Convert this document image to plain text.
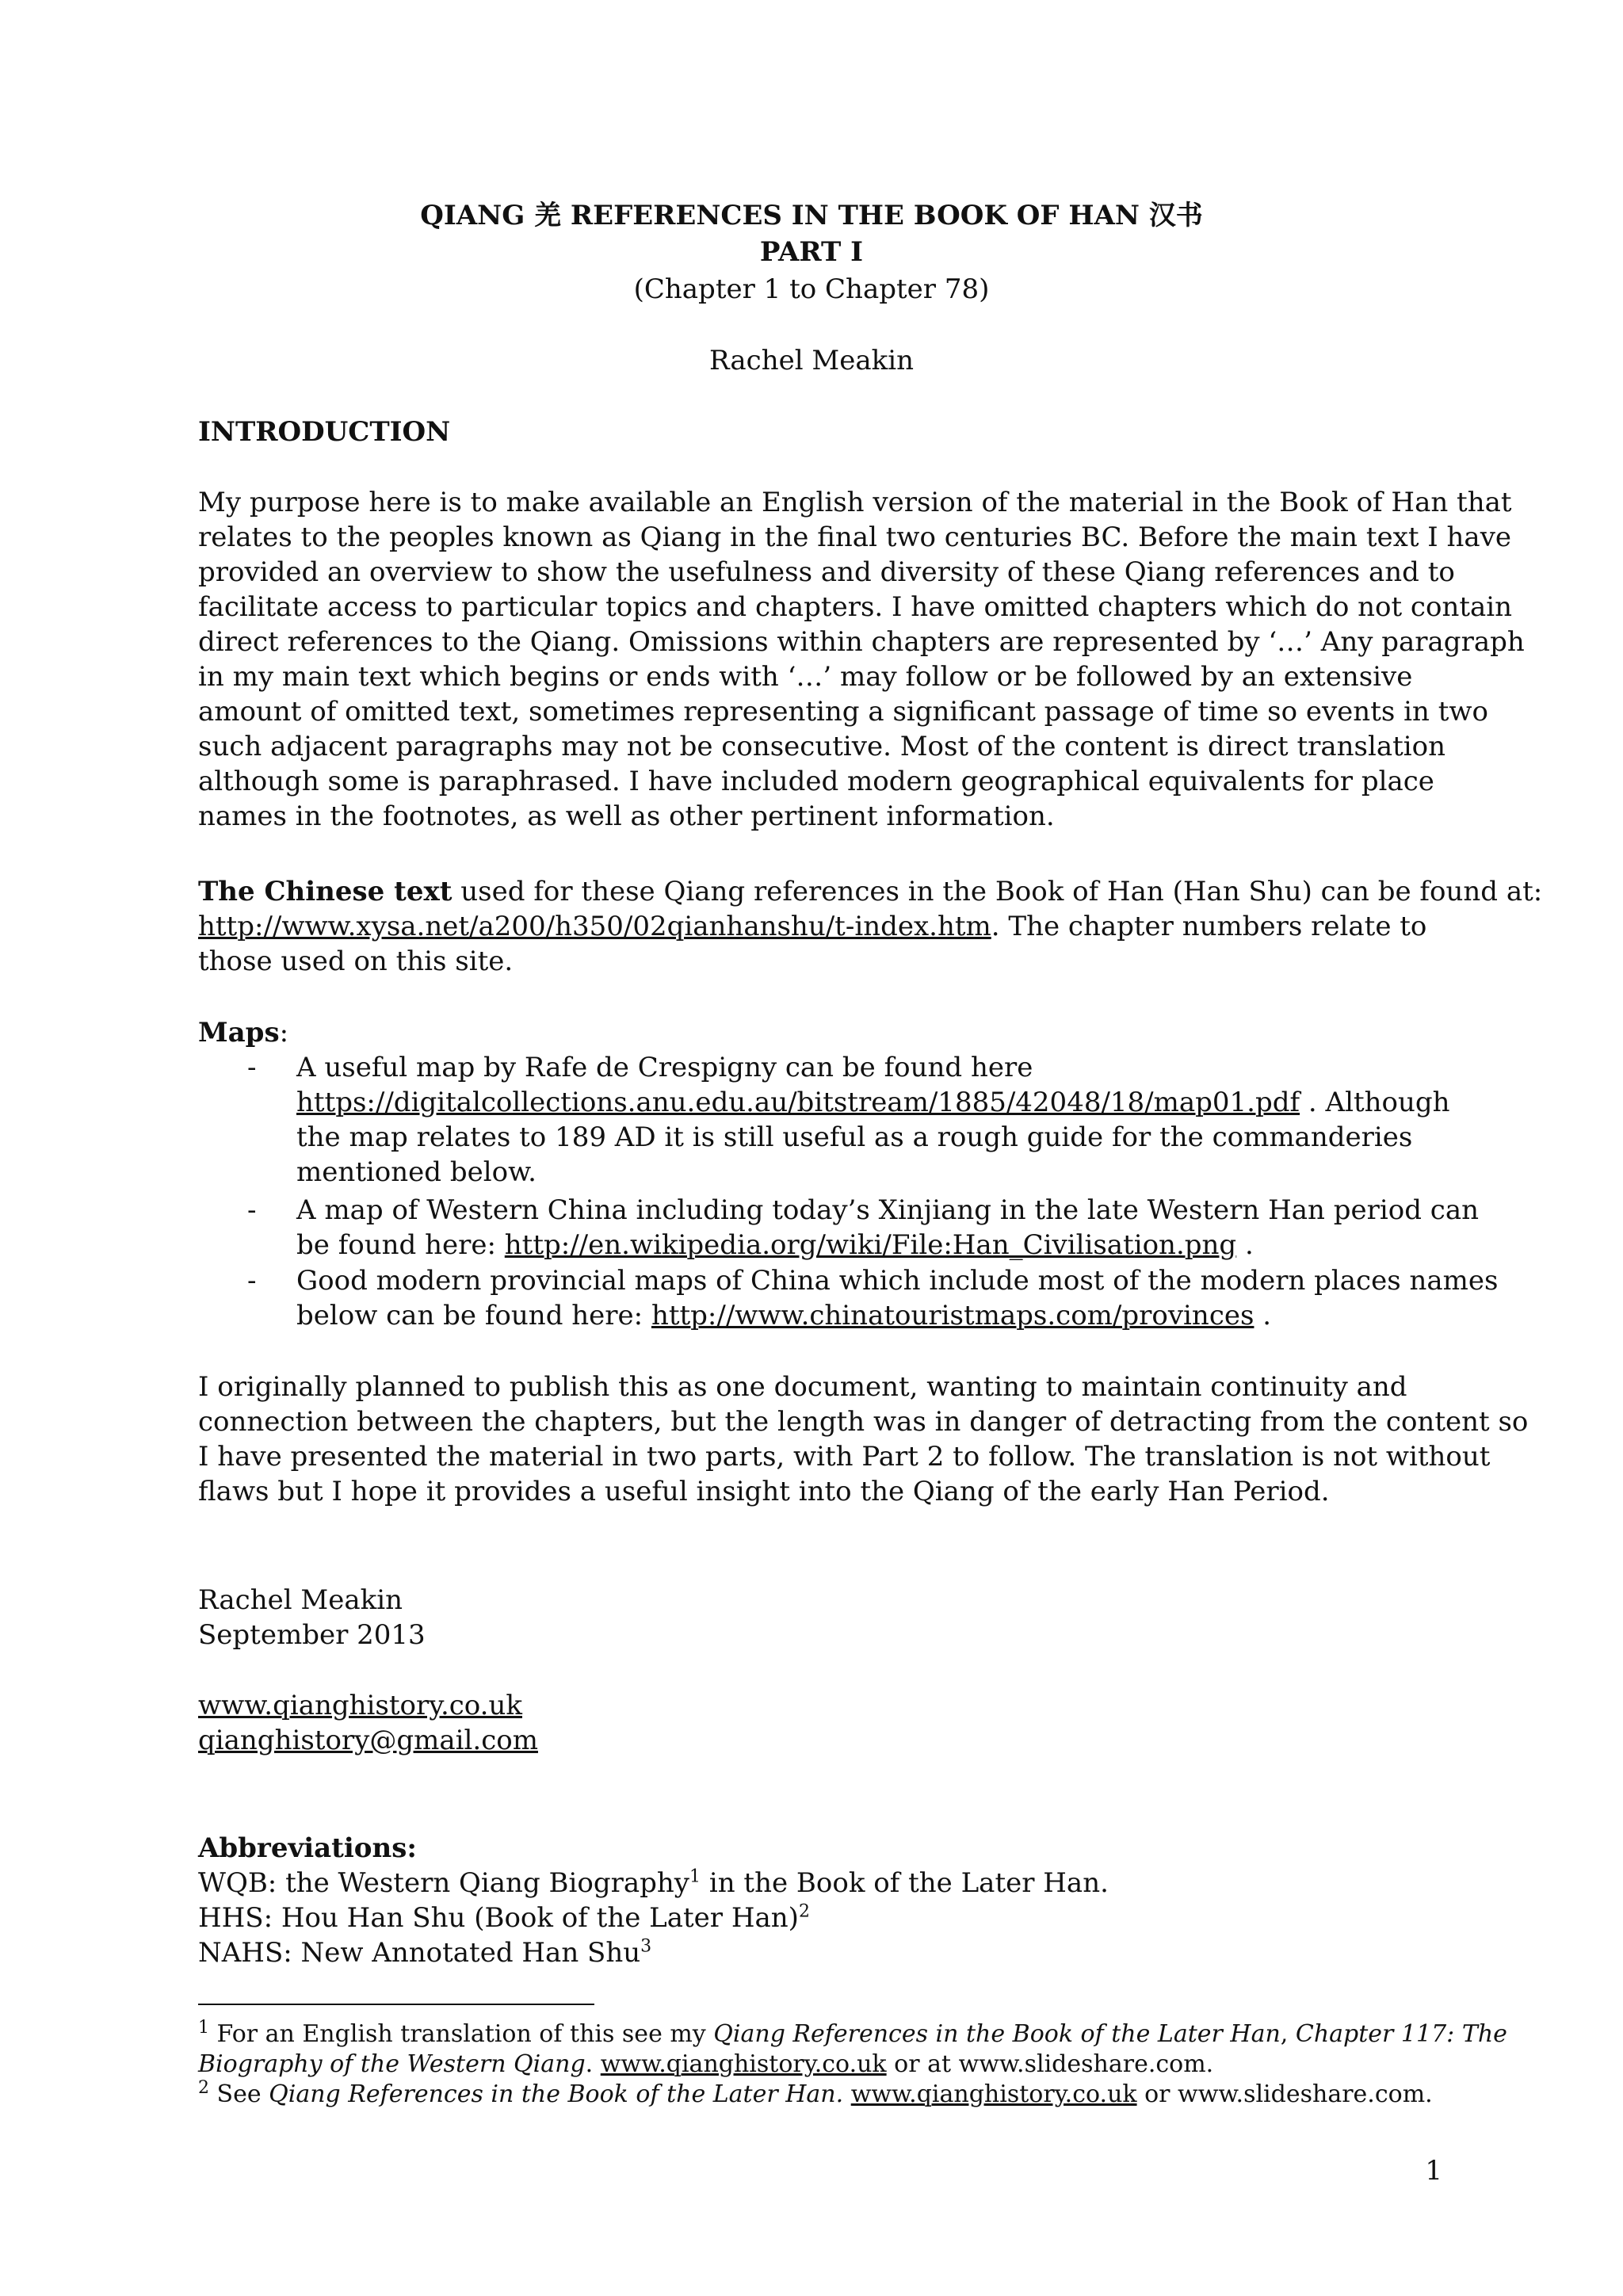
QIANG 羌 REFERENCES IN THE BOOK OF HAN 汉书
PART I
(Chapter 1 to Chapter 78)
Rachel Meakin
INTRODUCTION
My purpose here is to make available an English version of the material in the Book of Han that
relates to the peoples known as Qiang in the final two centuries BC. Before the main text I have
provided an overview to show the usefulness and diversity of these Qiang references and to
facilitate access to particular topics and chapters. I have omitted chapters which do not contain
direct references to the Qiang. Omissions within chapters are represented by ‘…’ Any paragraph
in my main text which begins or ends with ‘…’ may follow or be followed by an extensive
amount of omitted text, sometimes representing a significant passage of time so events in two
such adjacent paragraphs may not be consecutive. Most of the content is direct translation
although some is paraphrased. I have included modern geographical equivalents for place
names in the footnotes, as well as other pertinent information.
The Chinese text used for these Qiang references in the Book of Han (Han Shu) can be found at:
http://www.xysa.net/a200/h350/02qianhanshu/t-index.htm. The chapter numbers relate to
those used on this site.
Maps:
- A useful map by Rafe de Crespigny can be found here
https://digitalcollections.anu.edu.au/bitstream/1885/42048/18/map01.pdf . Although
the map relates to 189 AD it is still useful as a rough guide for the commanderies
mentioned below.
- A map of Western China including today’s Xinjiang in the late Western Han period can
be found here: http://en.wikipedia.org/wiki/File:Han_Civilisation.png .
- Good modern provincial maps of China which include most of the modern places names
below can be found here: http://www.chinatouristmaps.com/provinces .
I originally planned to publish this as one document, wanting to maintain continuity and
connection between the chapters, but the length was in danger of detracting from the content so
I have presented the material in two parts, with Part 2 to follow. The translation is not without
flaws but I hope it provides a useful insight into the Qiang of the early Han Period.
Rachel Meakin
September 2013
www.qianghistory.co.uk
qianghistory@gmail.com
Abbreviations:
WQB: the Western Qiang Biography$^1$ in the Book of the Later Han.
HHS: Hou Han Shu (Book of the Later Han)$^2$
NAHS: New Annotated Han Shu$^3$
$^1$ For an English translation of this see my Qiang References in the Book of the Later Han, Chapter 117: The
Biography of the Western Qiang. www.qianghistory.co.uk or at www.slideshare.com.
$^2$ See Qiang References in the Book of the Later Han. www.qianghistory.co.uk or www.slideshare.com.
1
